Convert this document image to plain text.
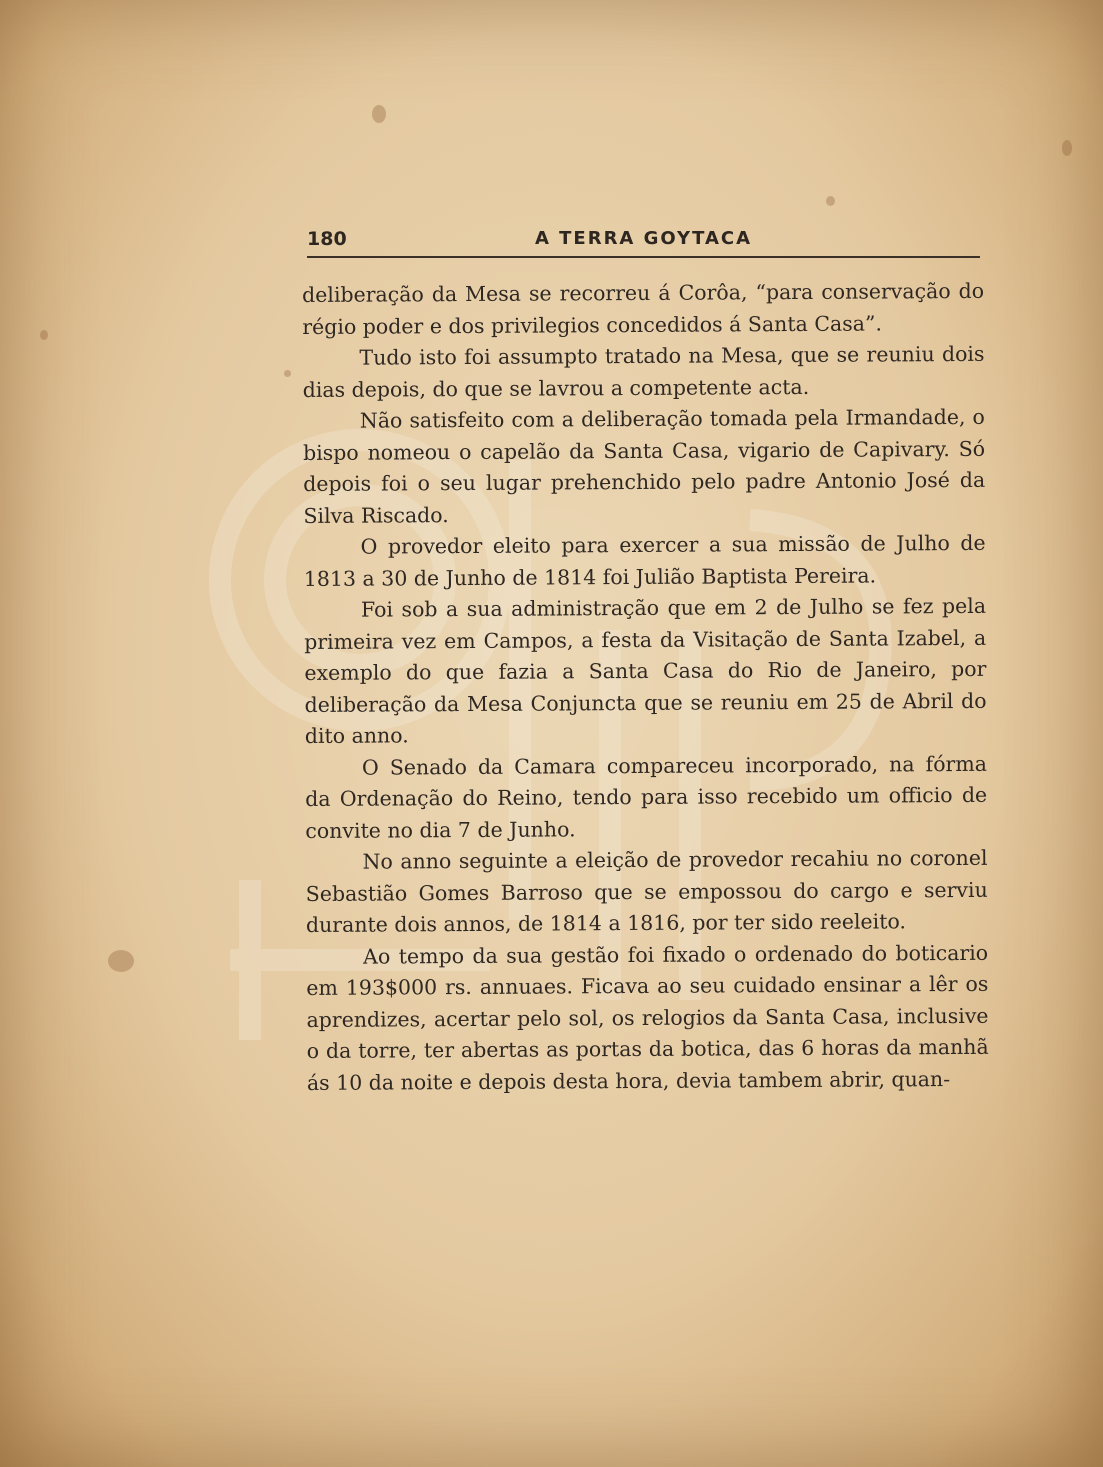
180	A TERRA GOYTACA

deliberação da Mesa se recorreu á Corôa, “para conservação do régio poder e dos privilegios concedidos á Santa Casa”.

Tudo isto foi assumpto tratado na Mesa, que se reuniu dois dias depois, do que se lavrou a competente acta.

Não satisfeito com a deliberação tomada pela Irmandade, o bispo nomeou o capelão da Santa Casa, vigario de Capivary. Só depois foi o seu lugar prehenchido pelo padre Antonio José da Silva Riscado.

O provedor eleito para exercer a sua missão de Julho de 1813 a 30 de Junho de 1814 foi Julião Baptista Pereira.

Foi sob a sua administração que em 2 de Julho se fez pela primeira vez em Campos, a festa da Visitação de Santa Izabel, a exemplo do que fazia a Santa Casa do Rio de Janeiro, por deliberação da Mesa Conjuncta que se reuniu em 25 de Abril do dito anno.

O Senado da Camara compareceu incorporado, na fórma da Ordenação do Reino, tendo para isso recebido um officio de convite no dia 7 de Junho.

No anno seguinte a eleição de provedor recahiu no coronel Sebastião Gomes Barroso que se empossou do cargo e serviu durante dois annos, de 1814 a 1816, por ter sido reeleito.

Ao tempo da sua gestão foi fixado o ordenado do boticario em 193$000 rs. annuaes. Ficava ao seu cuidado ensinar a lêr os aprendizes, acertar pelo sol, os relogios da Santa Casa, inclusive o da torre, ter abertas as portas da botica, das 6 horas da manhã ás 10 da noite e depois desta hora, devia tambem abrir, quan-
